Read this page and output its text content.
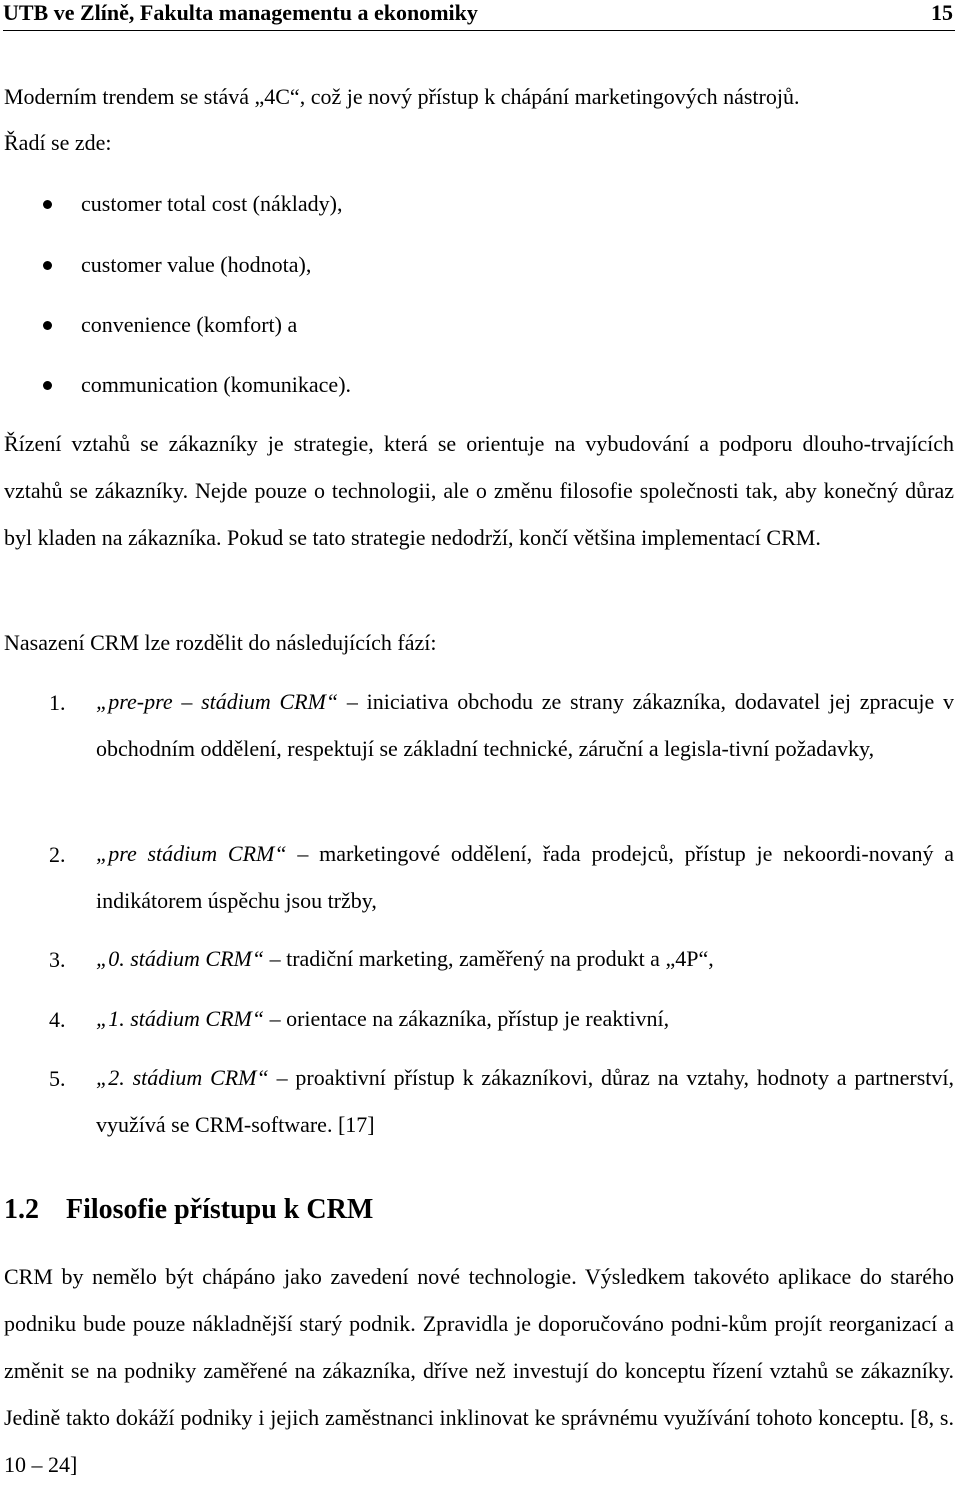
UTB ve Zlíně, Fakulta managementu a ekonomiky	15
Moderním trendem se stává „4C“, což je nový přístup k chápání marketingových nástrojů.
Řadí se zde:
customer total cost (náklady),
customer value (hodnota),
convenience (komfort) a
communication (komunikace).
Řízení vztahů se zákazníky je strategie, která se orientuje na vybudování a podporu dlouho-trvajících vztahů se zákazníky. Nejde pouze o technologii, ale o změnu filosofie společnosti tak, aby konečný důraz byl kladen na zákazníka. Pokud se tato strategie nedodrží, končí většina implementací CRM.
Nasazení CRM lze rozdělit do následujících fází:
1. „pre-pre – stádium CRM“ – iniciativa obchodu ze strany zákazníka, dodavatel jej zpracuje v obchodním oddělení, respektují se základní technické, záruční a legisla-tivní požadavky,
2. „pre stádium CRM“ – marketingové oddělení, řada prodejců, přístup je nekoordi-novaný a indikátorem úspěchu jsou tržby,
3. „0. stádium CRM“ – tradiční marketing, zaměřený na produkt a „4P“,
4. „1. stádium CRM“ – orientace na zákazníka, přístup je reaktivní,
5. „2. stádium CRM“ – proaktivní přístup k zákazníkovi, důraz na vztahy, hodnoty a partnerství, využívá se CRM-software. [17]
1.2 Filosofie přístupu k CRM
CRM by nemělo být chápáno jako zavedení nové technologie. Výsledkem takovéto aplikace do starého podniku bude pouze nákladnější starý podnik. Zpravidla je doporučováno podni-kům projít reorganizací a změnit se na podniky zaměřené na zákazníka, dříve než investují do konceptu řízení vztahů se zákazníky. Jedině takto dokáží podniky i jejich zaměstnanci inklinovat ke správnému využívání tohoto konceptu. [8, s. 10 – 24]
